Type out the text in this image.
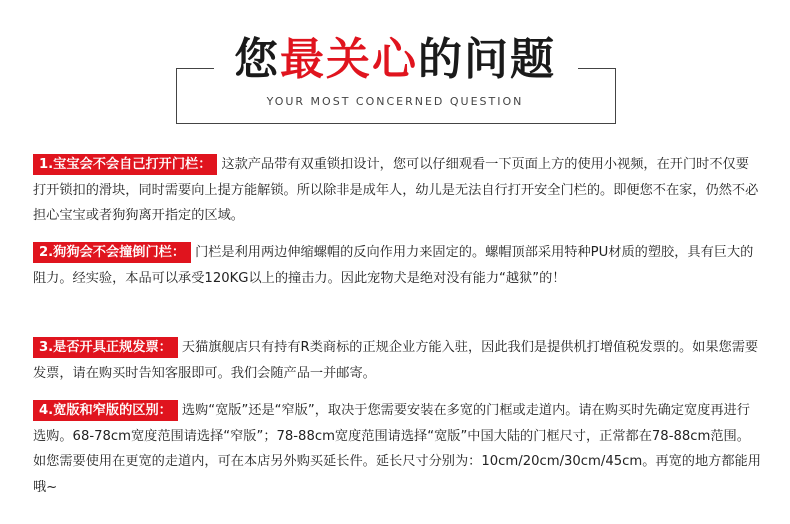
您最关心的问题
YOUR MOST CONCERNED QUESTION
1.宝宝会不会自己打开门栏： 这款产品带有双重锁扣设计，您可以仔细观看一下页面上方的使用小视频，在开门时不仅要打开锁扣的滑块，同时需要向上提方能解锁。所以除非是成年人，幼儿是无法自行打开安全门栏的。即便您不在家，仍然不必担心宝宝或者狗狗离开指定的区域。
2.狗狗会不会撞倒门栏： 门栏是利用两边伸缩螺帽的反向作用力来固定的。螺帽顶部采用特种PU材质的塑胶，具有巨大的阻力。经实验，本品可以承受120KG以上的撞击力。因此宠物犬是绝对没有能力“越狱”的！
3.是否开具正规发票： 天猫旗舰店只有持有R类商标的正规企业方能入驻，因此我们是提供机打增值税发票的。如果您需要发票，请在购买时告知客服即可。我们会随产品一并邮寄。
4.宽版和窄版的区别： 选购“宽版”还是“窄版”，取决于您需要安装在多宽的门框或走道内。请在购买时先确定宽度再进行选购。68-78cm宽度范围请选择“窄版”；78-88cm宽度范围请选择“宽版”中国大陆的门框尺寸，正常都在78-88cm范围。如您需要使用在更宽的走道内，可在本店另外购买延长件。延长尺寸分别为：10cm/20cm/30cm/45cm。再宽的地方都能用哦~
